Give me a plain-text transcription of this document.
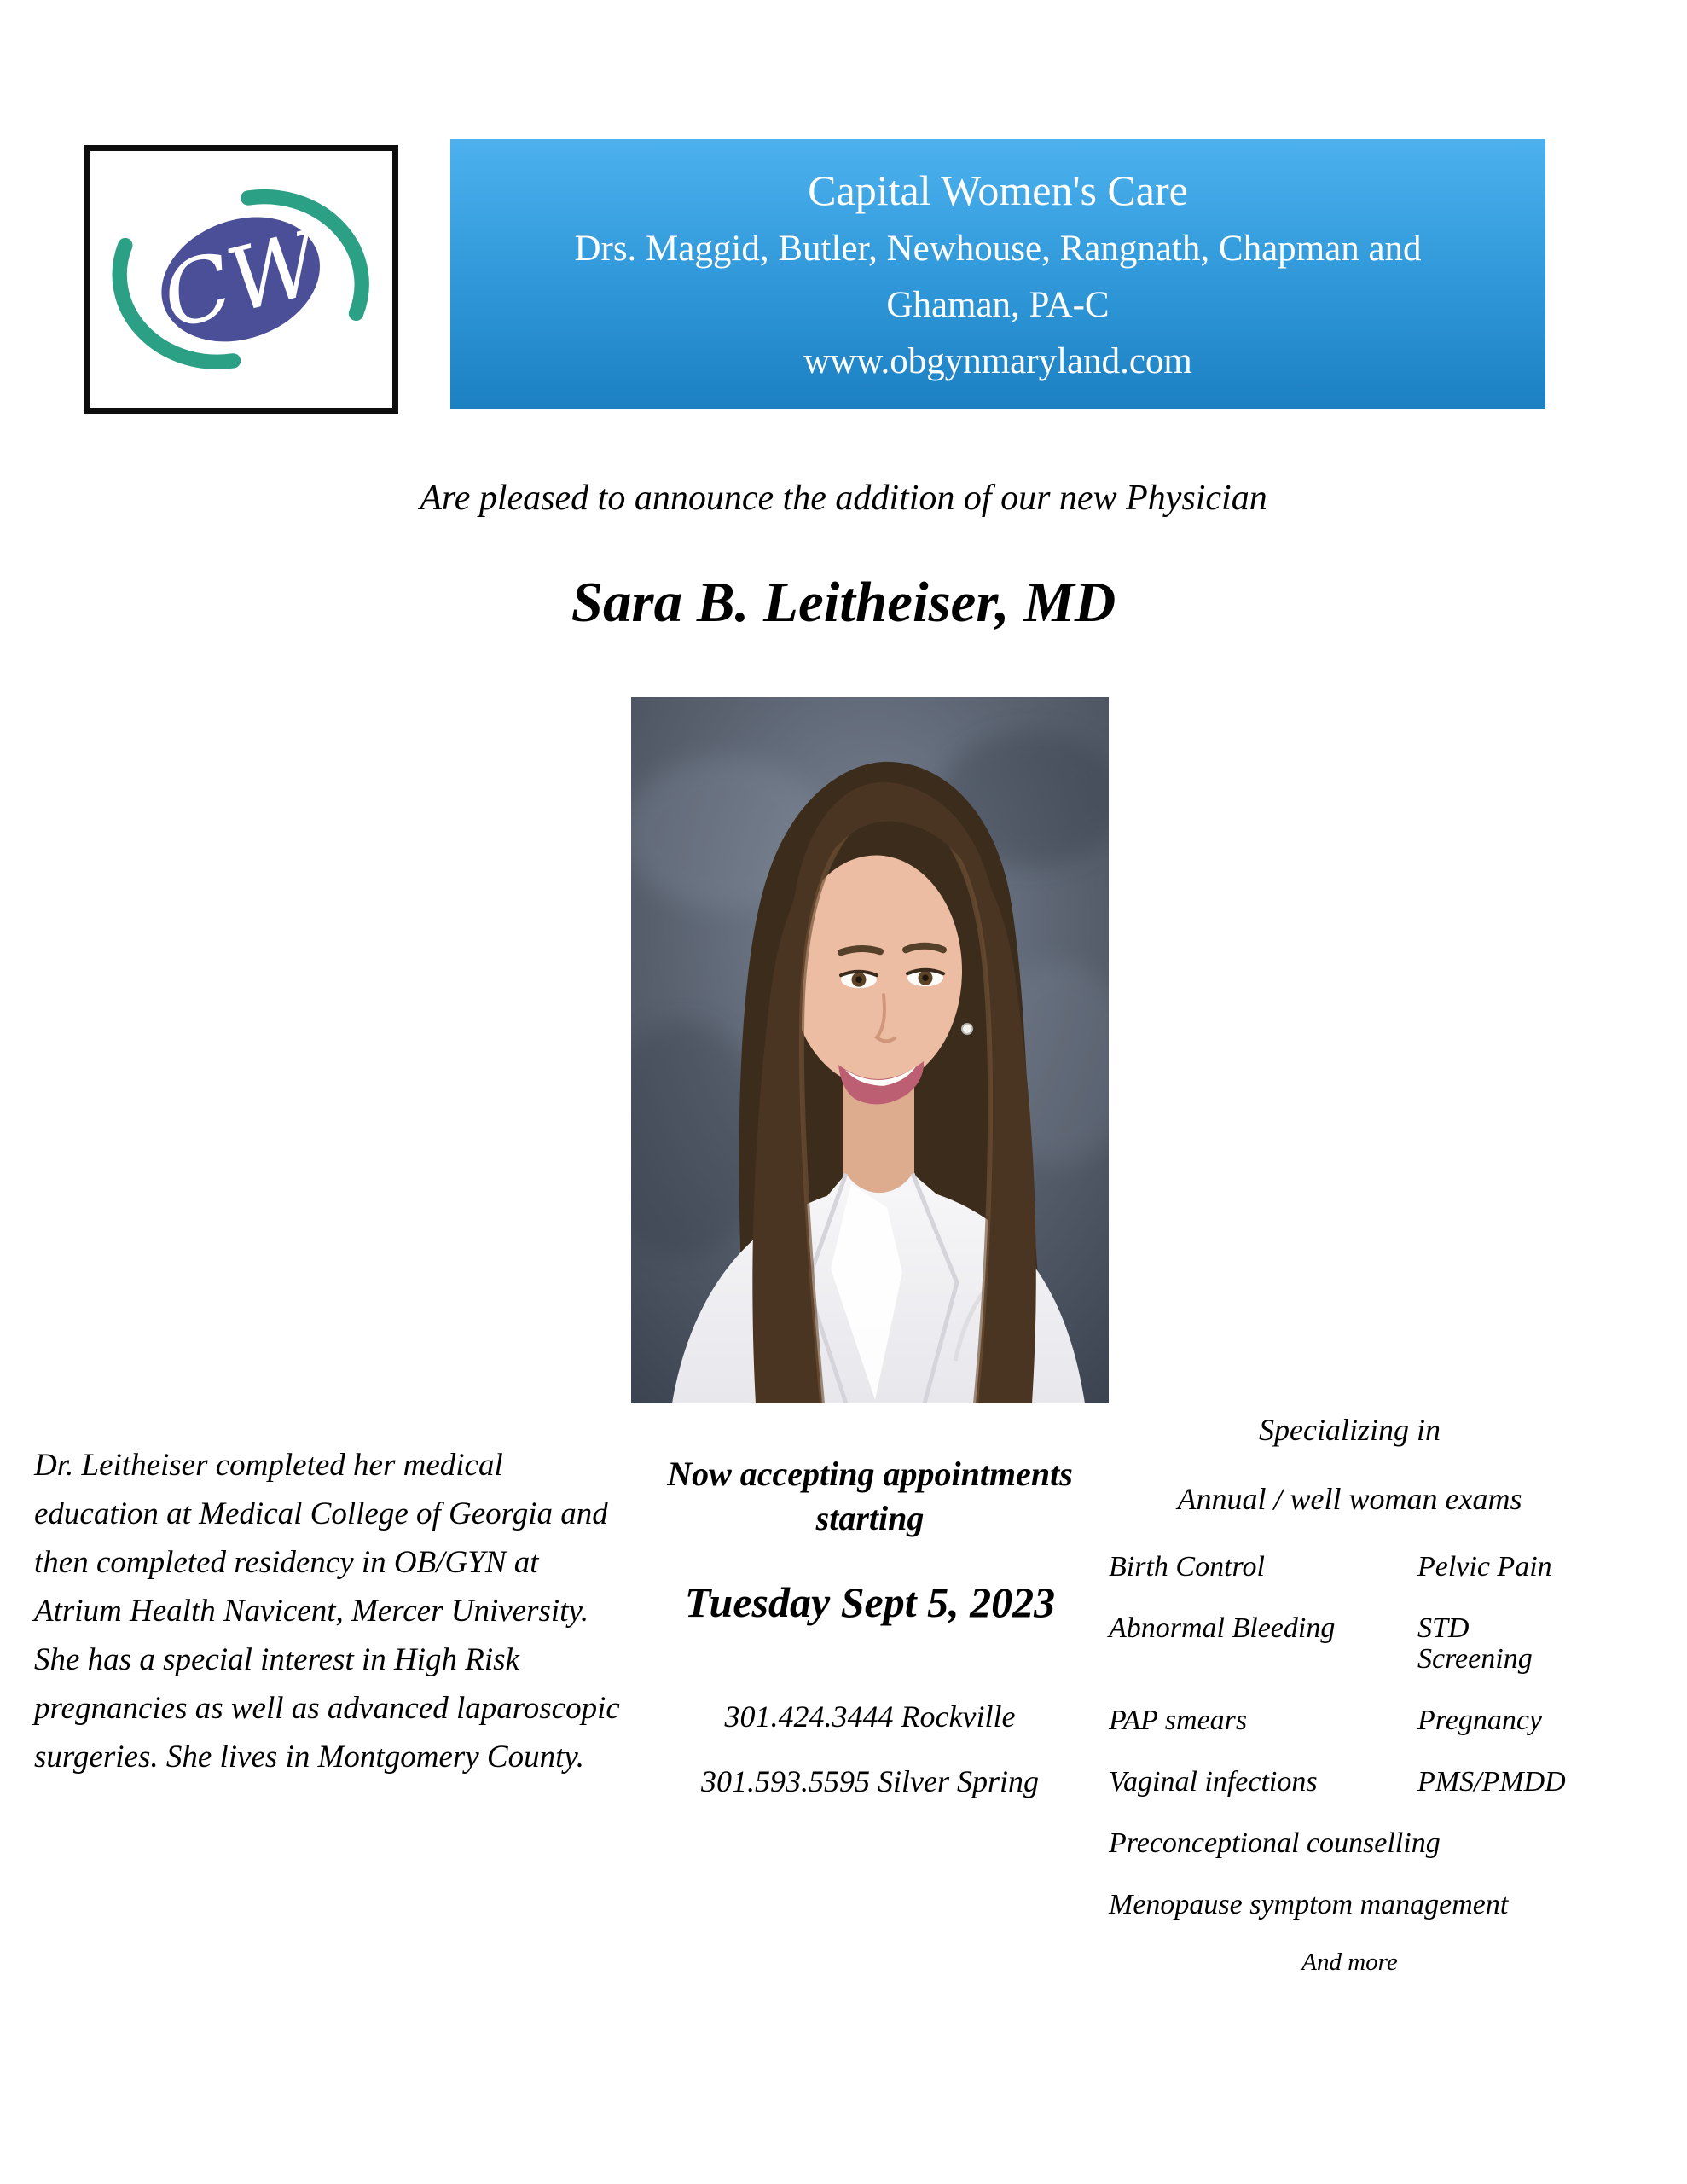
CW
Capital Women's Care
Drs. Maggid, Butler, Newhouse, Rangnath, Chapman and
Ghaman, PA-C
www.obgynmaryland.com
Are pleased to announce the addition of our new Physician
Sara B. Leitheiser, MD

Dr. Leitheiser completed her medical education at Medical College of Georgia and then completed residency in OB/GYN at Atrium Health Navicent, Mercer University. She has a special interest in High Risk pregnancies as well as advanced laparoscopic surgeries. She lives in Montgomery County.

Now accepting appointments
starting
Tuesday Sept 5, 2023
301.424.3444 Rockville
301.593.5595 Silver Spring
Specializing in
Annual / well woman exams
Birth Control	Pelvic Pain
Abnormal Bleeding	STD Screening
PAP smears	Pregnancy
Vaginal infections	PMS/PMDD
Preconceptional counselling
Menopause symptom management
And more
